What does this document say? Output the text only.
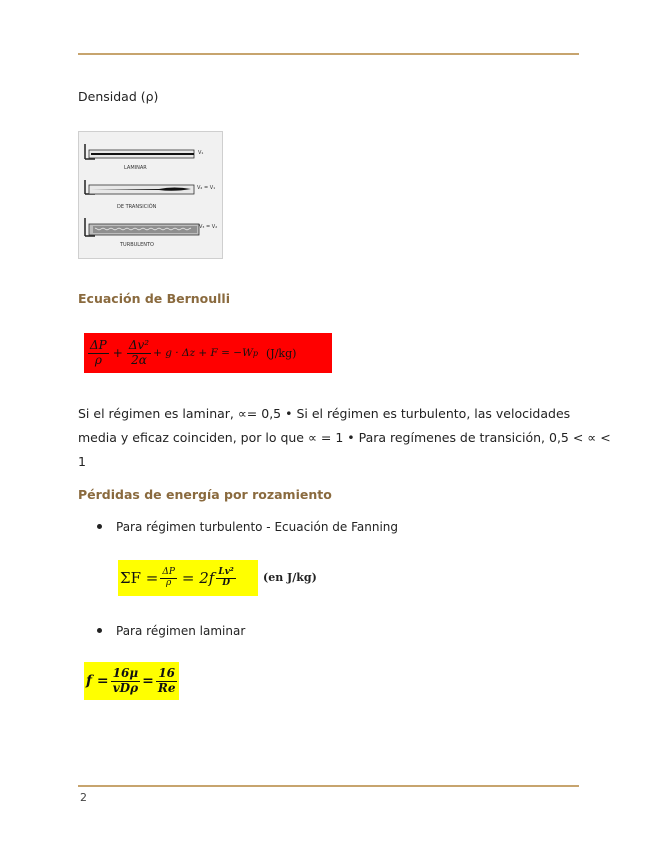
Densidad (ρ)
LAMINAR
DE TRANSICIÓN
TURBULENTO
V₁
V₂ = V₁
V₃ = V₂
Ecuación de Bernoulli
$\frac{\Delta P}{\rho} + \frac{\text{Δv²}}{2\alpha} + g \cdot \Delta z + F = -W$ p (J/kg)
Si el régimen es laminar, ∝= 0,5 • Si el régimen es turbulento, las velocidades
media y eficaz coinciden, por lo que ∝ = 1 • Para regímenes de transición, 0,5 < ∝ <
1
Pérdidas de energía por rozamiento
Para régimen turbulento - Ecuación de Fanning
$\Sigma F = \frac{\Delta P}{\rho} = 2f \frac{\text{Lv²}}{D} (en$ J/kg)
Para régimen laminar
$f = \frac{16\mu}{\text{vDρ}} = \frac{16}{Re}$
2
